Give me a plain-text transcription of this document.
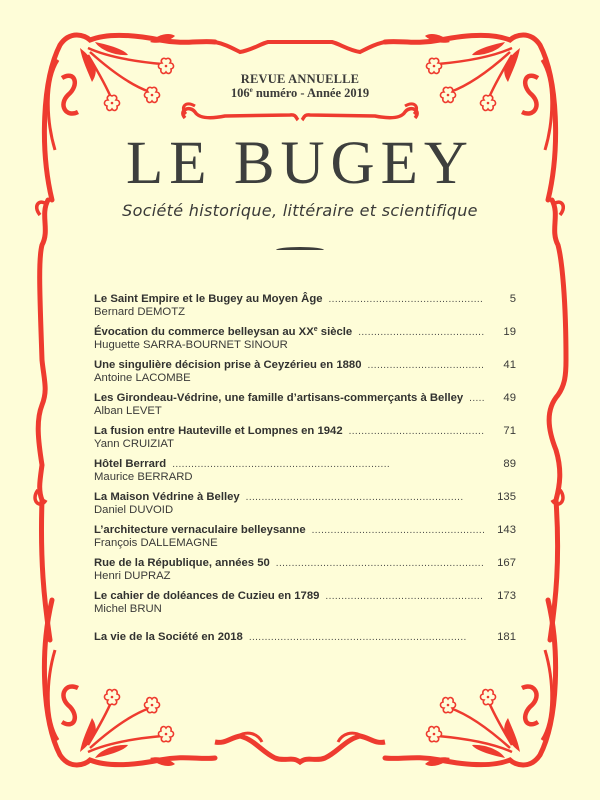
REVUE ANNUELLE
106e numéro - Année 2019
LE BUGEY
Société historique, littéraire et scientifique
Le Saint Empire et le Bugey au Moyen Âge . . .	5
Bernard DEMOTZ
Évocation du commerce belleysan au XXe siècle . . .	19
Huguette SARRA-BOURNET SINOUR
Une singulière décision prise à Ceyzérieu en 1880 . . .	41
Antoine LACOMBE
Les Girondeau-Védrine, une famille d’artisans-commerçants à Belley . . .	49
Alban LEVET
La fusion entre Hauteville et Lompnes en 1942 . . .	71
Yann CRUIZIAT
Hôtel Berrard . . .	89
Maurice BERRARD
La Maison Védrine à Belley . . .	135
Daniel DUVOID
L’architecture vernaculaire belleysanne . . .	143
François DALLEMAGNE
Rue de la République, années 50 . . .	167
Henri DUPRAZ
Le cahier de doléances de Cuzieu en 1789 . . .	173
Michel BRUN
La vie de la Société en 2018 . . .	181
